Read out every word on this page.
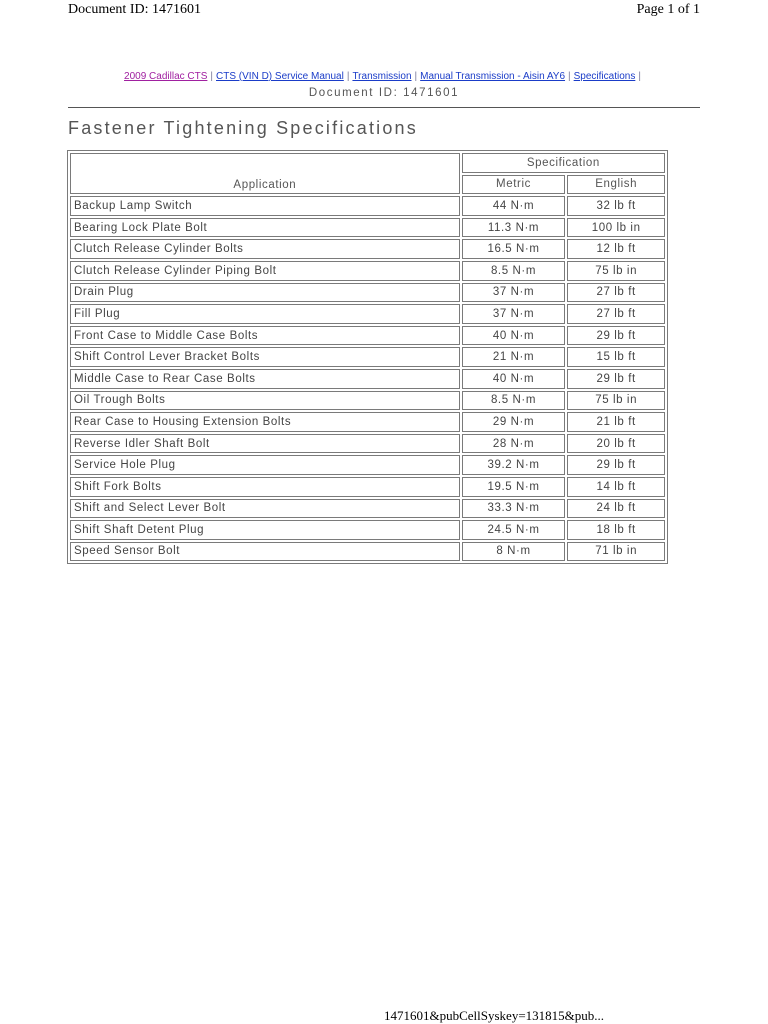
Document ID: 1471601	Page 1 of 1
2009 Cadillac CTS | CTS (VIN D) Service Manual | Transmission | Manual Transmission - Aisin AY6 | Specifications |
Document ID: 1471601
Fastener Tightening Specifications
Application	Specification	
	Metric	English
Backup Lamp Switch	44 N·m	32 lb ft
Bearing Lock Plate Bolt	11.3 N·m	100 lb in
Clutch Release Cylinder Bolts	16.5 N·m	12 lb ft
Clutch Release Cylinder Piping Bolt	8.5 N·m	75 lb in
Drain Plug	37 N·m	27 lb ft
Fill Plug	37 N·m	27 lb ft
Front Case to Middle Case Bolts	40 N·m	29 lb ft
Shift Control Lever Bracket Bolts	21 N·m	15 lb ft
Middle Case to Rear Case Bolts	40 N·m	29 lb ft
Oil Trough Bolts	8.5 N·m	75 lb in
Rear Case to Housing Extension Bolts	29 N·m	21 lb ft
Reverse Idler Shaft Bolt	28 N·m	20 lb ft
Service Hole Plug	39.2 N·m	29 lb ft
Shift Fork Bolts	19.5 N·m	14 lb ft
Shift and Select Lever Bolt	33.3 N·m	24 lb ft
Shift Shaft Detent Plug	24.5 N·m	18 lb ft
Speed Sensor Bolt	8 N·m	71 lb in
1471601&pubCellSyskey=131815&pub...
